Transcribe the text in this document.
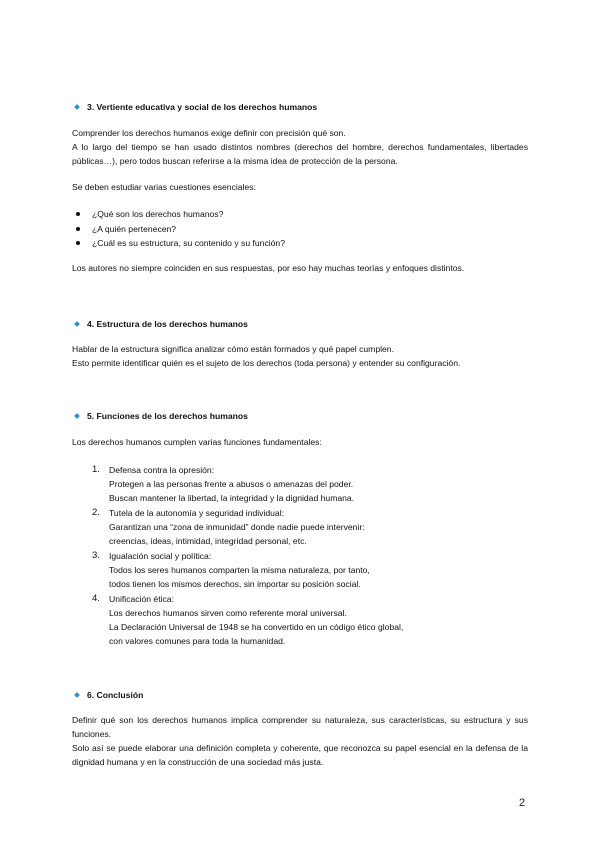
3. Vertiente educativa y social de los derechos humanos

Comprender los derechos humanos exige definir con precisión qué son.

A lo largo del tiempo se han usado distintos nombres (derechos del hombre, derechos fundamentales, libertades públicas…), pero todos buscan referirse a la misma idea de protección de la persona.

Se deben estudiar varias cuestiones esenciales:

¿Qué son los derechos humanos?
¿A quién pertenecen?
¿Cuál es su estructura, su contenido y su función?

Los autores no siempre coinciden en sus respuestas, por eso hay muchas teorías y enfoques distintos.

4. Estructura de los derechos humanos

Hablar de la estructura significa analizar cómo están formados y qué papel cumplen.

Esto permite identificar quién es el sujeto de los derechos (toda persona) y entender su configuración.

5. Funciones de los derechos humanos

Los derechos humanos cumplen varias funciones fundamentales:

1.	Defensa contra la opresión:
Protegen a las personas frente a abusos o amenazas del poder.
Buscan mantener la libertad, la integridad y la dignidad humana.
2.	Tutela de la autonomía y seguridad individual:
Garantizan una “zona de inmunidad” donde nadie puede intervenir:
creencias, ideas, intimidad, integridad personal, etc.
3.	Igualación social y política:
Todos los seres humanos comparten la misma naturaleza, por tanto,
todos tienen los mismos derechos, sin importar su posición social.
4.	Unificación ética:
Los derechos humanos sirven como referente moral universal.
La Declaración Universal de 1948 se ha convertido en un código ético global,
con valores comunes para toda la humanidad.
6. Conclusión

Definir qué son los derechos humanos implica comprender su naturaleza, sus características, su estructura y sus funciones.

Solo así se puede elaborar una definición completa y coherente, que reconozca su papel esencial en la defensa de la dignidad humana y en la construcción de una sociedad más justa.

2
